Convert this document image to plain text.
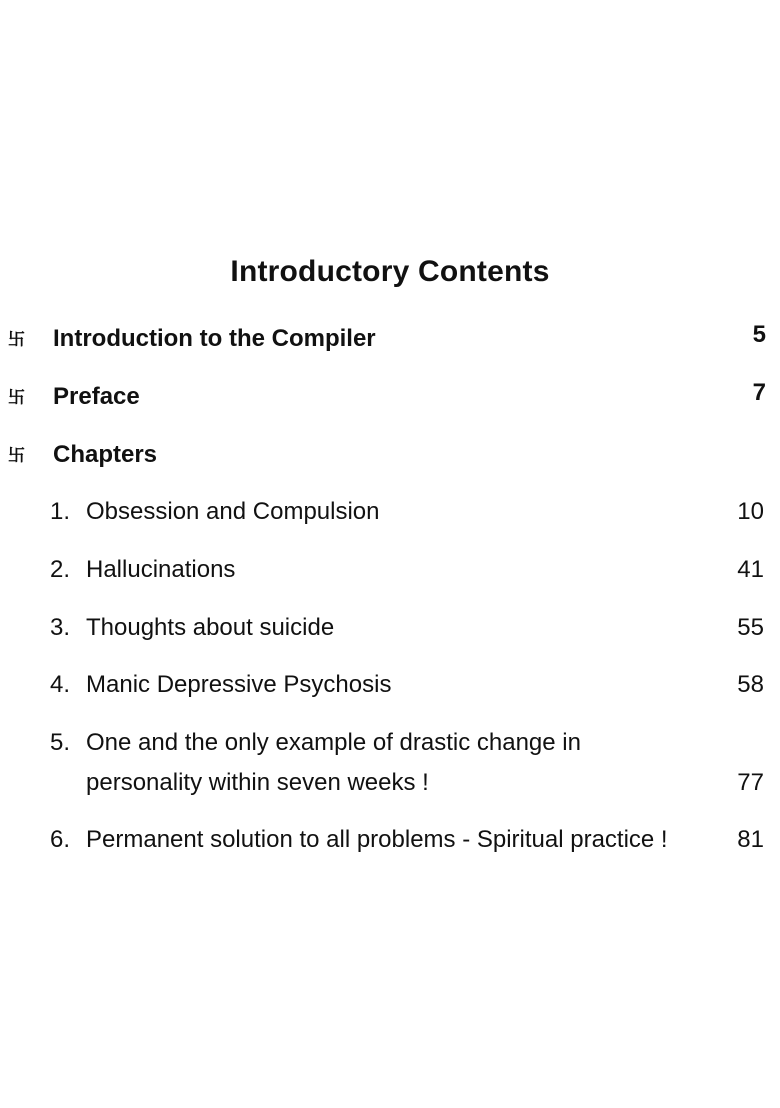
Introductory Contents
卐 Introduction to the Compiler	5
卐 Preface	7
卐 Chapters
1. Obsession and Compulsion	10
2. Hallucinations	41
3. Thoughts about suicide	55
4. Manic Depressive Psychosis	58
5. One and the only example of drastic change in
personality within seven weeks !	77
6. Permanent solution to all problems - Spiritual practice !	81
